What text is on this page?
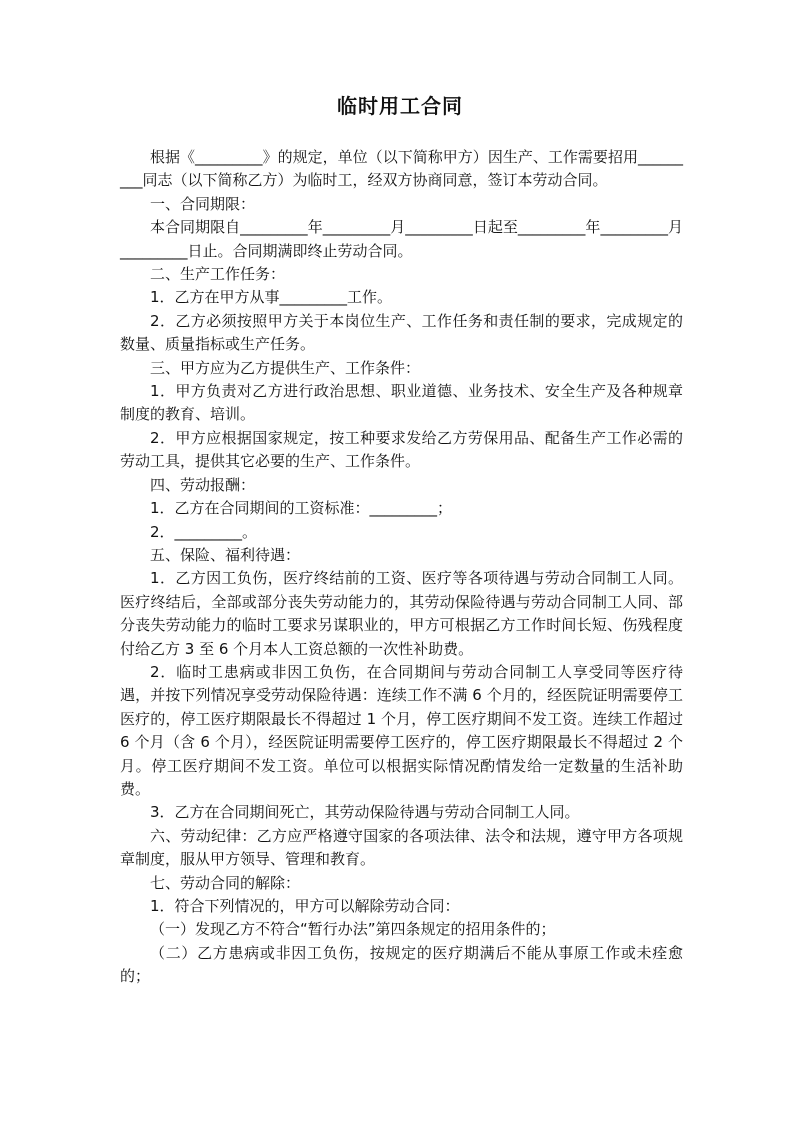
临时用工合同

根据《_________》的规定，单位（以下简称甲方）因生产、工作需要招用_________同志（以下简称乙方）为临时工，经双方协商同意，签订本劳动合同。

一、合同期限：

本合同期限自_________年_________月_________日起至_________年_________月_________日止。合同期满即终止劳动合同。

二、生产工作任务：

1．乙方在甲方从事_________工作。

2．乙方必须按照甲方关于本岗位生产、工作任务和责任制的要求，完成规定的数量、质量指标或生产任务。

三、甲方应为乙方提供生产、工作条件：

1．甲方负责对乙方进行政治思想、职业道德、业务技术、安全生产及各种规章制度的教育、培训。

2．甲方应根据国家规定，按工种要求发给乙方劳保用品、配备生产工作必需的劳动工具，提供其它必要的生产、工作条件。

四、劳动报酬：

1．乙方在合同期间的工资标准：_________；

2．_________。

五、保险、福利待遇：

1．乙方因工负伤，医疗终结前的工资、医疗等各项待遇与劳动合同制工人同。医疗终结后，全部或部分丧失劳动能力的，其劳动保险待遇与劳动合同制工人同、部分丧失劳动能力的临时工要求另谋职业的，甲方可根据乙方工作时间长短、伤残程度付给乙方 3 至 6 个月本人工资总额的一次性补助费。

2．临时工患病或非因工负伤，在合同期间与劳动合同制工人享受同等医疗待遇，并按下列情况享受劳动保险待遇：连续工作不满 6 个月的，经医院证明需要停工医疗的，停工医疗期限最长不得超过 1 个月，停工医疗期间不发工资。连续工作超过 6 个月（含 6 个月），经医院证明需要停工医疗的，停工医疗期限最长不得超过 2 个月。停工医疗期间不发工资。单位可以根据实际情况酌情发给一定数量的生活补助费。

3．乙方在合同期间死亡，其劳动保险待遇与劳动合同制工人同。

六、劳动纪律：乙方应严格遵守国家的各项法律、法令和法规，遵守甲方各项规章制度，服从甲方领导、管理和教育。

七、劳动合同的解除：

1．符合下列情况的，甲方可以解除劳动合同：

（一）发现乙方不符合“暂行办法”第四条规定的招用条件的；

（二）乙方患病或非因工负伤，按规定的医疗期满后不能从事原工作或未痊愈的；
